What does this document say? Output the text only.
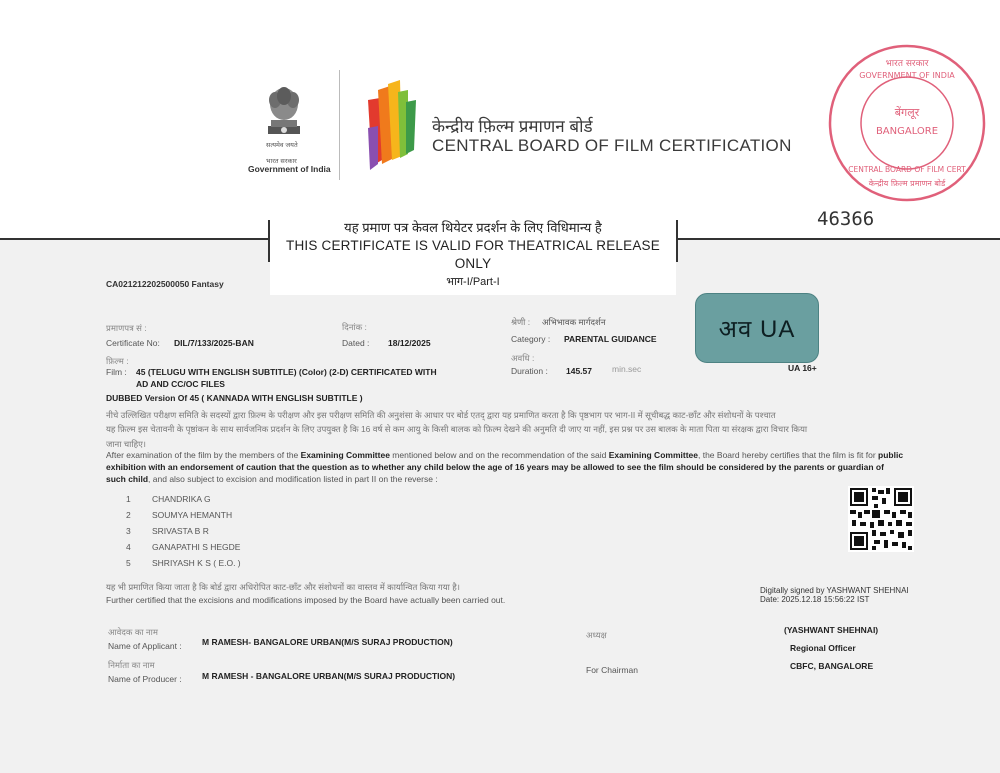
सत्यमेव जयते
भारत सरकार
Government of India
केन्द्रीय फ़िल्म प्रमाणन बोर्ड
CENTRAL BOARD OF FILM CERTIFICATION
बेंगलूर
BANGALORE
भारत सरकार
GOVERNMENT OF INDIA
CENTRAL BOARD OF FILM CERT
केन्द्रीय फ़िल्म प्रमाणन बोर्ड
46366
यह प्रमाण पत्र केवल थियेटर प्रदर्शन के लिए विधिमान्य है
THIS CERTIFICATE IS VALID FOR THEATRICAL RELEASE ONLY
भाग-I/Part-I
CA021212202500050 Fantasy
प्रमाणपत्र सं :
Certificate No: DIL/7/133/2025-BAN
दिनांक :
Dated : 18/12/2025
श्रेणी : अभिभावक मार्गदर्शन
Category : PARENTAL GUIDANCE	अव UA
UA 16+
फ़िल्म :
Film : 45 (TELUGU WITH ENGLISH SUBTITLE) (Color) (2-D) CERTIFICATED WITH
AD AND CC/OC FILES
अवधि :
Duration : 145.57 min.sec
DUBBED Version Of 45 ( KANNADA WITH ENGLISH SUBTITLE )
नीचे उल्लिखित परीक्षण समिति के सदस्यों द्वारा फ़िल्म के परीक्षण और इस परीक्षण समिति की अनुशंसा के आधार पर बोर्ड एतद् द्वारा यह प्रमाणित करता है कि पृष्ठभाग पर भाग-II में सूचीबद्ध काट-छाँट और संशोधनों के पश्चात
यह फ़िल्म इस चेतावनी के पृष्ठांकन के साथ सार्वजनिक प्रदर्शन के लिए उपयुक्त है कि 16 वर्ष से कम आयु के किसी बालक को फ़िल्म देखने की अनुमति दी जाए या नहीं, इस प्रश्न पर उस बालक के माता पिता या संरक्षक द्वारा विचार किया
जाना चाहिए।
After examination of the film by the members of the Examining Committee mentioned below and on the recommendation of the said Examining Committee, the Board hereby certifies that the film is fit for public exhibition with an endorsement of caution that the question as to whether any child below the age of 16 years may be allowed to see the film should be considered by the parents or guardian of such child, and also subject to excision and modification listed in part II on the reverse :
1	CHANDRIKA G
2	SOUMYA HEMANTH
3	SRIVASTA B R
4	GANAPATHI S HEGDE
5	SHRIYASH K S ( E.O. )
यह भी प्रमाणित किया जाता है कि बोर्ड द्वारा अधिरोपित काट-छाँट और संशोधनों का वास्तव में कार्यान्वित किया गया है।
Further certified that the excisions and modifications imposed by the Board have actually been carried out.
Digitally signed by YASHWANT SHEHNAI
Date: 2025.12.18 15:56:22 IST
आवेदक का नाम
Name of Applicant : M RAMESH- BANGALORE URBAN(M/S SURAJ PRODUCTION)
निर्माता का नाम
Name of Producer : M RAMESH - BANGALORE URBAN(M/S SURAJ PRODUCTION)
अध्यक्ष
For Chairman
(YASHWANT SHEHNAI)
Regional Officer
CBFC, BANGALORE
